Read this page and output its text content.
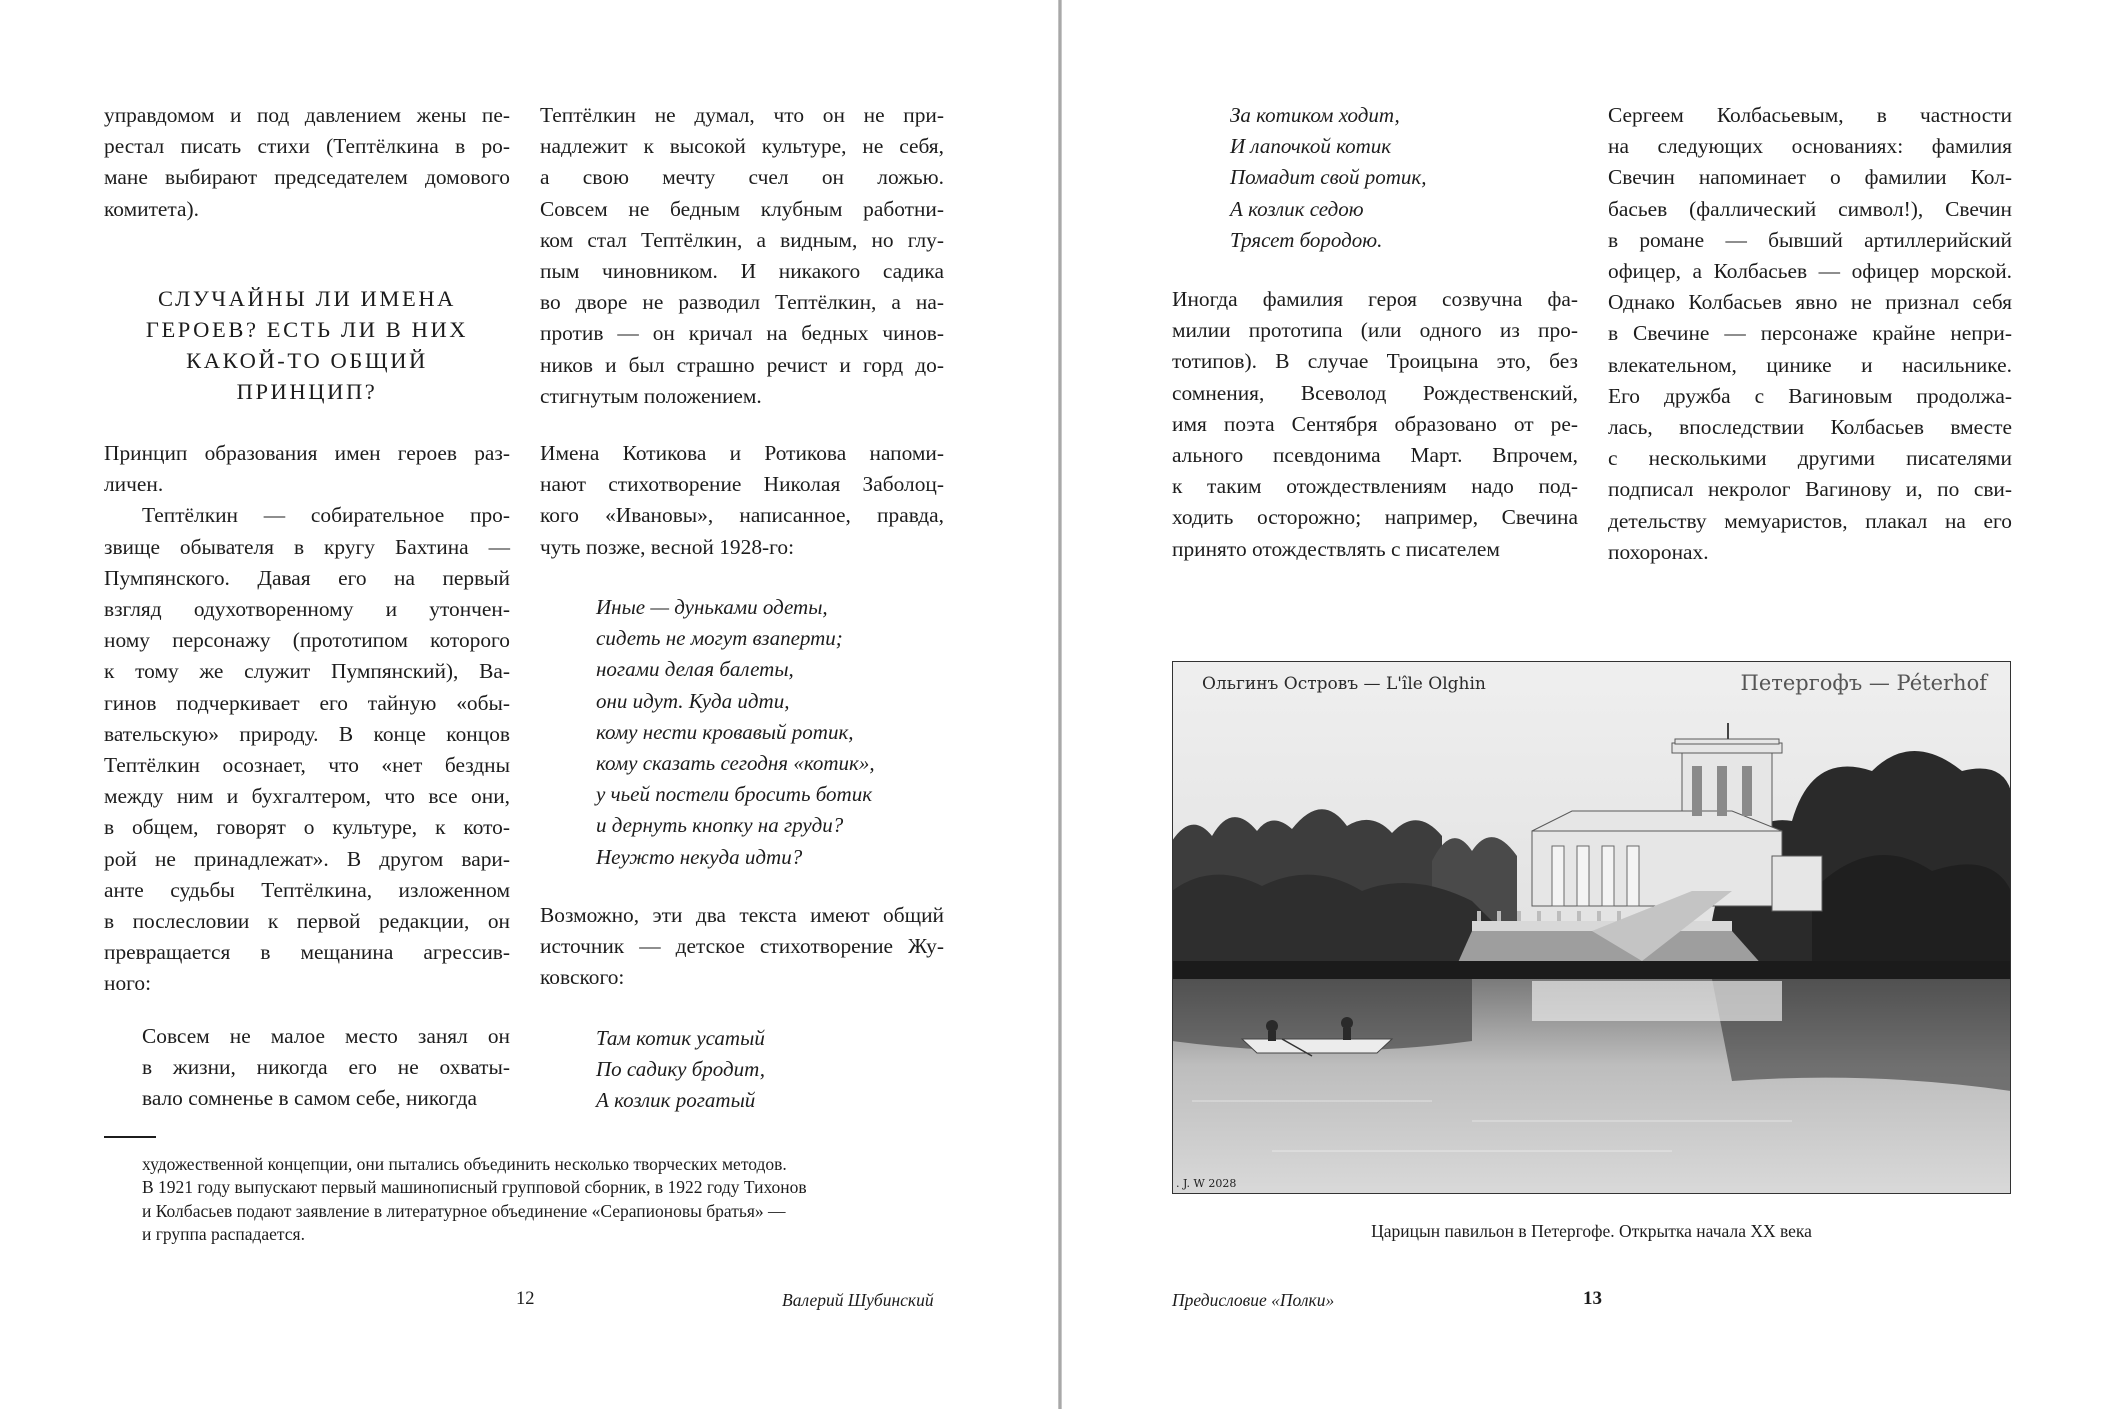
управдомом и под давлением жены пе-

рестал писать стихи (Тептёлкина в ро-

мане выбирают председателем домового

комитета).

СЛУЧАЙНЫ ЛИ ИМЕНА
ГЕРОЕВ? ЕСТЬ ЛИ В НИХ
КАКОЙ-ТО ОБЩИЙ
ПРИНЦИП?

Принцип образования имен героев раз-

личен.

Тептёлкин — собирательное про-

звище обывателя в кругу Бахтина —

Пумпянского. Давая его на первый

взгляд одухотворенному и утончен-

ному персонажу (прототипом которого

к тому же служит Пумпянский), Ва-

гинов подчеркивает его тайную «обы-

вательскую» природу. В конце концов

Тептёлкин осознает, что «нет бездны

между ним и бухгалтером, что все они,

в общем, говорят о культуре, к кото-

рой не принадлежат». В другом вари-

анте судьбы Тептёлкина, изложенном

в послесловии к первой редакции, он

превращается в мещанина агрессив-

ного:

Совсем не малое место занял он

в жизни, никогда его не охваты-

вало сомненье в самом себе, никогда

Тептёлкин не думал, что он не при-

надлежит к высокой культуре, не себя,

а свою мечту счел он ложью.

Совсем не бедным клубным работни-

ком стал Тептёлкин, а видным, но глу-

пым чиновником. И никакого садика

во дворе не разводил Тептёлкин, а на-

против — он кричал на бедных чинов-

ников и был страшно речист и горд до-

стигнутым положением.

Имена Котикова и Ротикова напоми-

нают стихотворение Николая Заболоц-

кого «Ивановы», написанное, правда,

чуть позже, весной 1928-го:

Иные — дуньками одеты,
сидеть не могут взаперти;
ногами делая балеты,
они идут. Куда идти,
кому нести кровавый ротик,
кому сказать сегодня «котик»,
у чьей постели бросить ботик
и дернуть кнопку на груди?
Неужто некуда идти?

Возможно, эти два текста имеют общий

источник — детское стихотворение Жу-

ковского:

Там котик усатый
По садику бродит,
А козлик рогатый
художественной концепции, они пытались объединить несколько творческих методов.
В 1921 году выпускают первый машинописный групповой сборник, в 1922 году Тихонов
и Колбасьев подают заявление в литературное объединение «Серапионовы братья» —
и группа распадается.
12	Валерий Шубинский
За котиком ходит,
И лапочкой котик
Помадит свой ротик,
А козлик седою
Трясет бородою.

Иногда фамилия героя созвучна фа-

милии прототипа (или одного из про-

тотипов). В случае Троицына это, без

сомнения, Всеволод Рождественский,

имя поэта Сентября образовано от ре-

ального псевдонима Март. Впрочем,

к таким отождествлениям надо под-

ходить осторожно; например, Свечина

принято отождествлять с писателем

Сергеем Колбасьевым, в частности

на следующих основаниях: фамилия

Свечин напоминает о фамилии Кол-

басьев (фаллический символ!), Свечин

в романе — бывший артиллерийский

офицер, а Колбасьев — офицер морской.

Однако Колбасьев явно не признал себя

в Свечине — персонаже крайне непри-

влекательном, цинике и насильнике.

Его дружба с Вагиновым продолжа-

лась, впоследствии Колбасьев вместе

с несколькими другими писателями

подписал некролог Вагинову и, по сви-

детельству мемуаристов, плакал на его

похоронах.

Ольгинъ Островъ — L'île Olghin	Петергофъ — Péterhof
. J. W 2028
Царицын павильон в Петергофе. Открытка начала XX века
Предисловие «Полки»	13
